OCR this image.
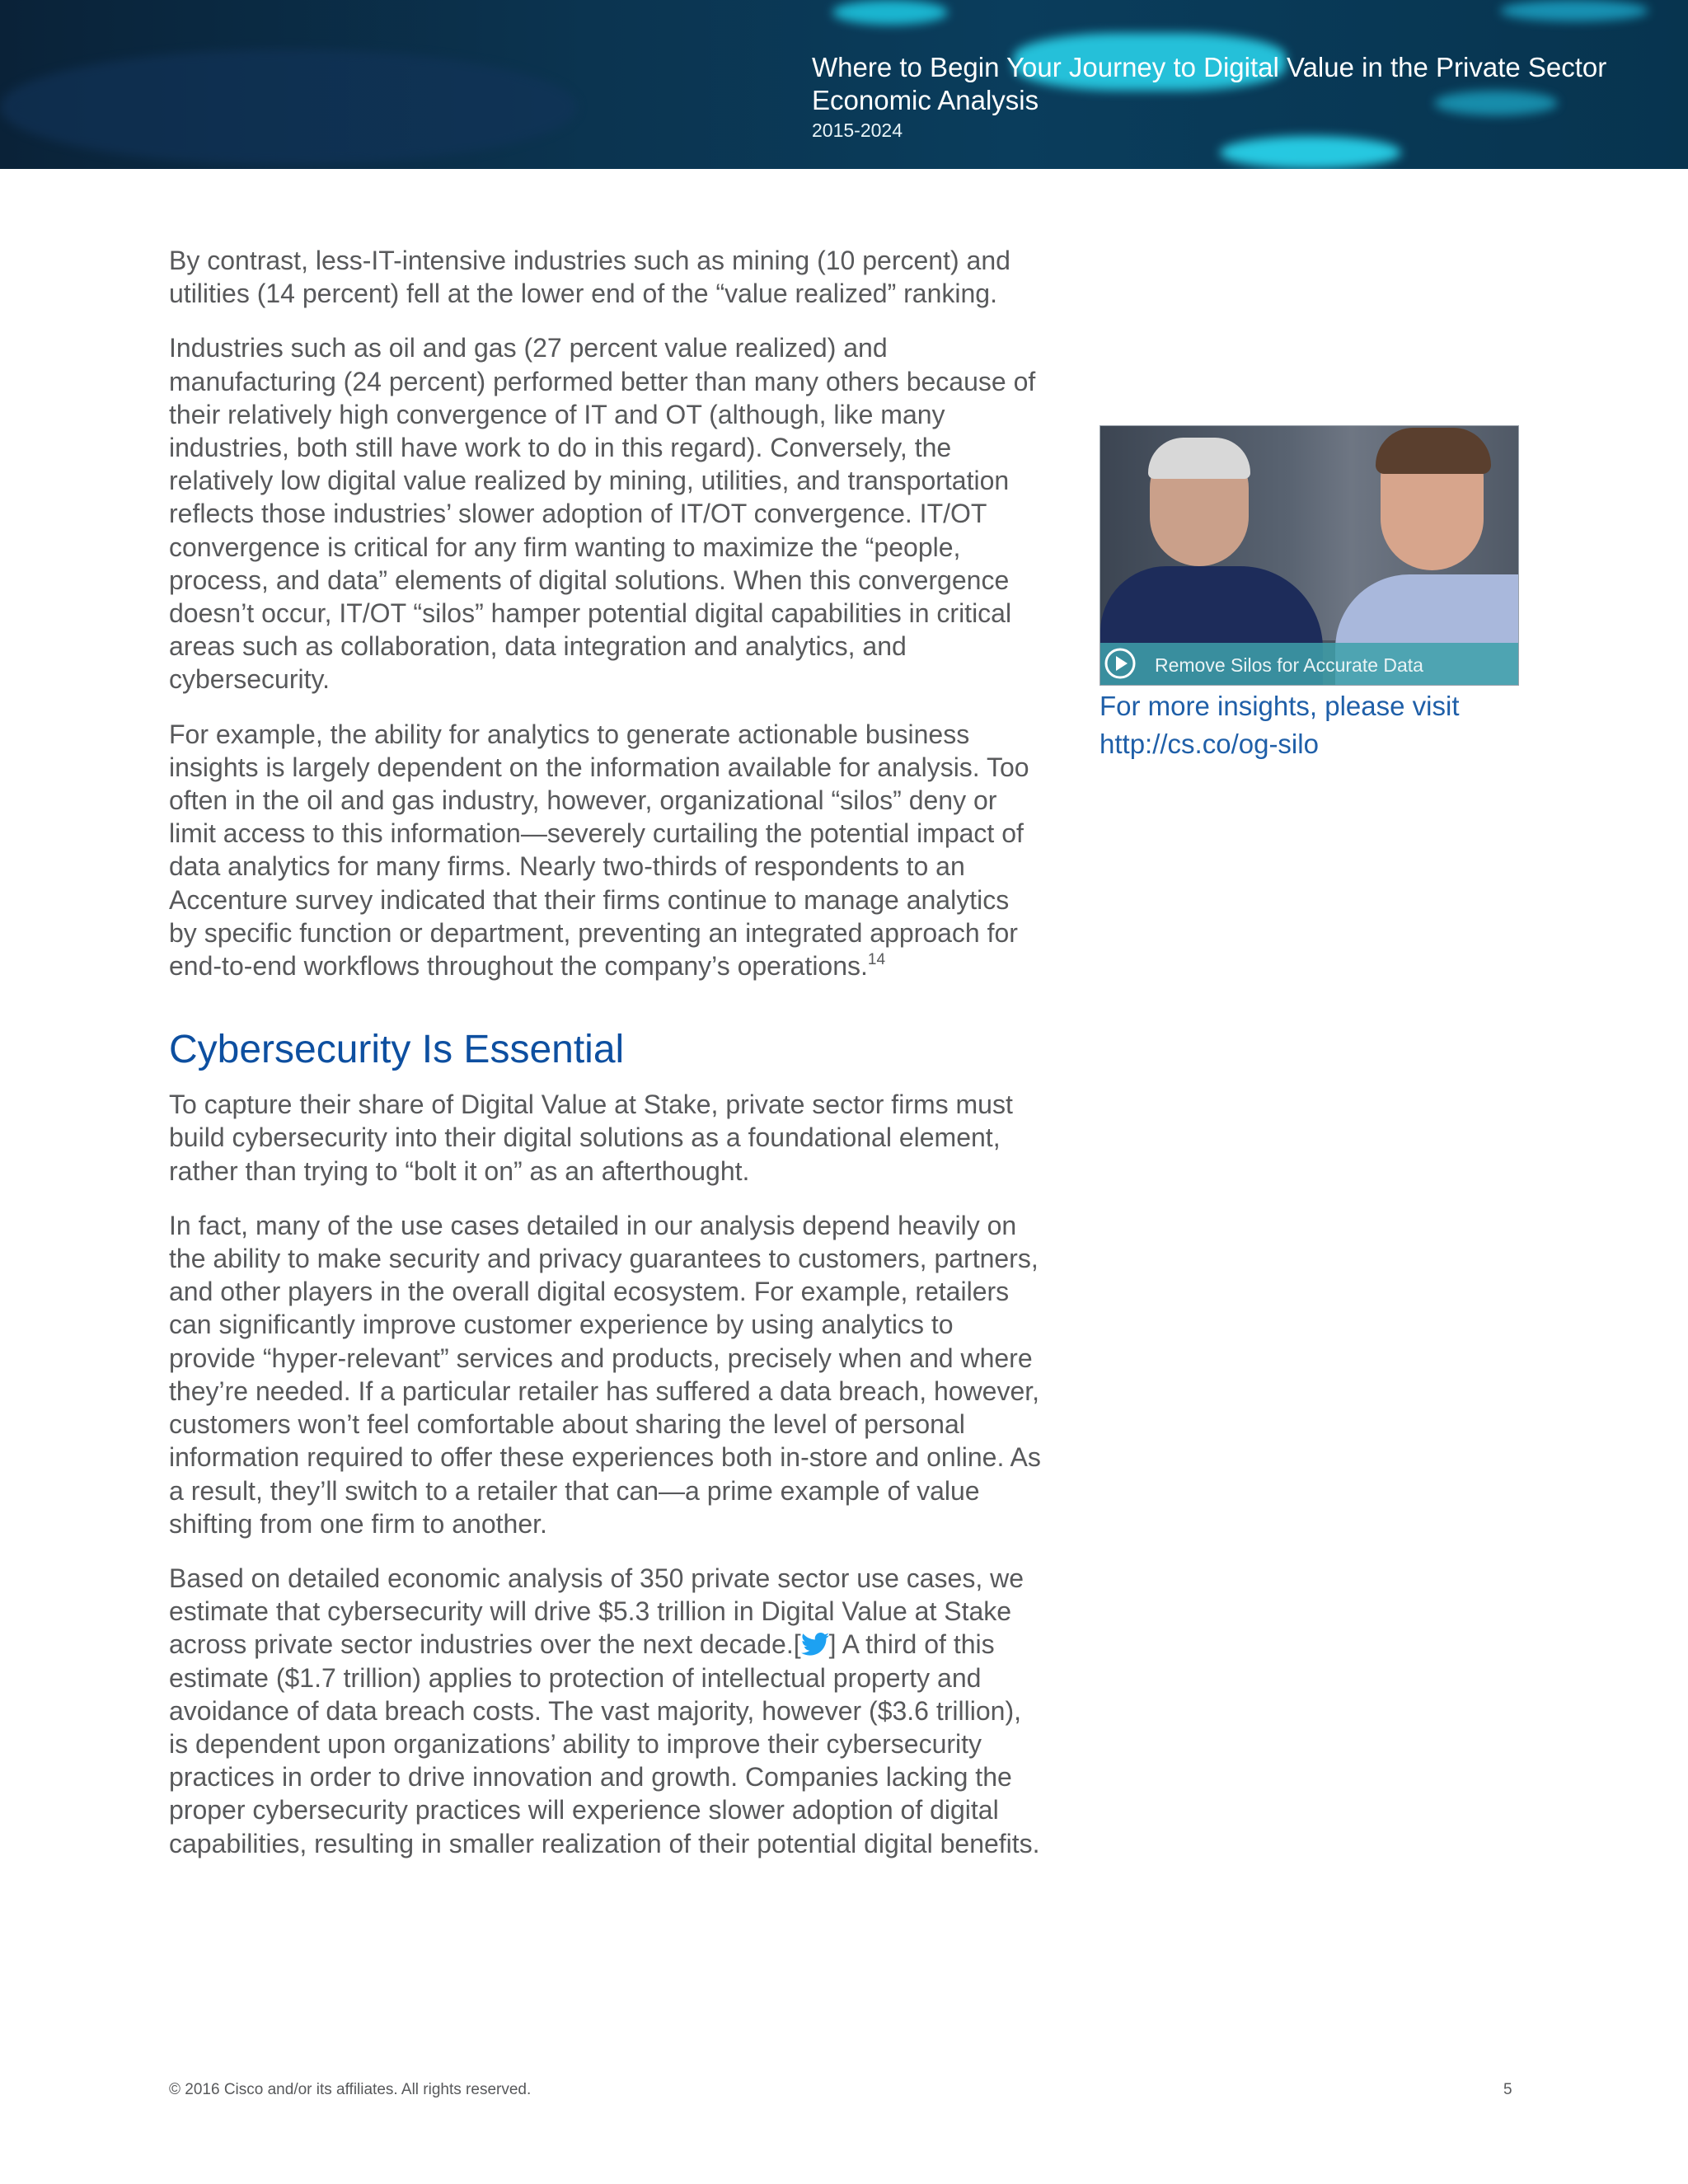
Where to Begin Your Journey to Digital Value in the Private Sector
Economic Analysis
2015-2024

By contrast, less-IT-intensive industries such as mining (10 percent) and utilities (14 percent) fell at the lower end of the “value realized” ranking.

Industries such as oil and gas (27 percent value realized) and manufacturing (24 percent) performed better than many others because of their relatively high convergence of IT and OT (although, like many industries, both still have work to do in this regard). Conversely, the relatively low digital value realized by mining, utilities, and transportation reflects those industries’ slower adoption of IT/OT convergence. IT/OT convergence is critical for any firm wanting to maximize the “people, process, and data” elements of digital solutions. When this convergence doesn’t occur, IT/OT “silos” hamper potential digital capabilities in critical areas such as collaboration, data integration and analytics, and cybersecurity.

For example, the ability for analytics to generate actionable business insights is largely dependent on the information available for analysis. Too often in the oil and gas industry, however, organizational “silos” deny or limit access to this information—severely curtailing the potential impact of data analytics for many firms. Nearly two-thirds of respondents to an Accenture survey indicated that their firms continue to manage analytics by specific function or department, preventing an integrated approach for end-to-end workflows throughout the company’s operations.$^{14}$

Cybersecurity Is Essential

To capture their share of Digital Value at Stake, private sector firms must build cybersecurity into their digital solutions as a foundational element, rather than trying to “bolt it on” as an afterthought.

In fact, many of the use cases detailed in our analysis depend heavily on the ability to make security and privacy guarantees to customers, partners, and other players in the overall digital ecosystem. For example, retailers can significantly improve customer experience by using analytics to provide “hyper-relevant” services and products, precisely when and where they’re needed. If a particular retailer has suffered a data breach, however, customers won’t feel comfortable about sharing the level of personal information required to offer these experiences both in-store and online. As a result, they’ll switch to a retailer that can—a prime example of value shifting from one firm to another.

Based on detailed economic analysis of 350 private sector use cases, we estimate that cybersecurity will drive $5.3 trillion in Digital Value at Stake across private sector industries over the next decade.[ ] A third of this estimate ($1.7 trillion) applies to protection of intellectual property and avoidance of data breach costs. The vast majority, however ($3.6 trillion), is dependent upon organizations’ ability to improve their cybersecurity practices in order to drive innovation and growth. Companies lacking the proper cybersecurity practices will experience slower adoption of digital capabilities, resulting in smaller realization of their potential digital benefits.

Remove Silos for Accurate Data
For more insights, please visit
http://cs.co/og-silo
© 2016 Cisco and/or its affiliates. All rights reserved.	5
